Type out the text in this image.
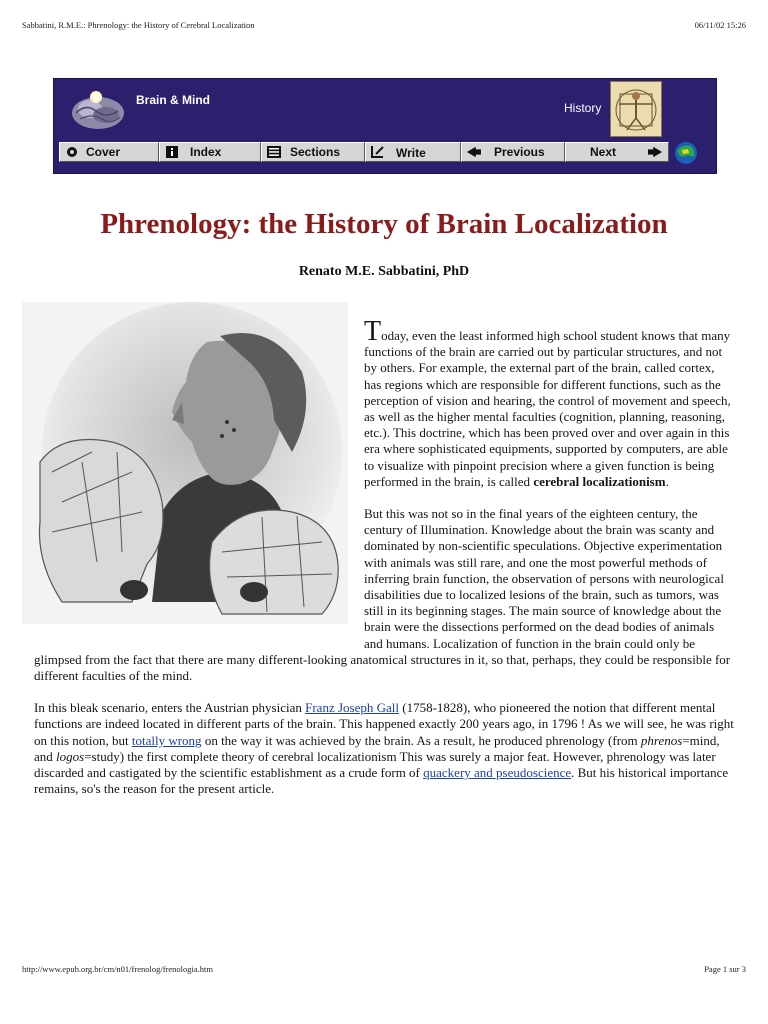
Sabbatini, R.M.E.: Phrenology: the History of Cerebral Localization	06/11/02 15:26
Brain & Mind
History
Cover	Index	Sections	Write	Previous	Next
Phrenology: the History of Brain Localization
Renato M.E. Sabbatini, PhD

Today, even the least informed high school student knows that many functions of the brain are carried out by particular structures, and not by others. For example, the external part of the brain, called cortex, has regions which are responsible for different functions, such as the perception of vision and hearing, the control of movement and speech, as well as the higher mental faculties (cognition, planning, reasoning, etc.). This doctrine, which has been proved over and over again in this era where sophisticated equipments, supported by computers, are able to visualize with pinpoint precision where a given function is being performed in the brain, is called cerebral localizationism.

But this was not so in the final years of the eighteen century, the century of Illumination. Knowledge about the brain was scanty and dominated by non-scientific speculations. Objective experimentation with animals was still rare, and one the most powerful methods of inferring brain function, the observation of persons with neurological disabilities due to localized lesions of the brain, such as tumors, was still in its beginning stages. The main source of knowledge about the brain were the dissections performed on the dead bodies of animals and humans. Localization of function in the brain could only be glimpsed from the fact that there are many different-looking anatomical structures in it, so that, perhaps, they could be responsible for different faculties of the mind.

In this bleak scenario, enters the Austrian physician Franz Joseph Gall (1758-1828), who pioneered the notion that different mental functions are indeed located in different parts of the brain. This happened exactly 200 years ago, in 1796 ! As we will see, he was right on this notion, but totally wrong on the way it was achieved by the brain. As a result, he produced phrenology (from phrenos=mind, and logos=study) the first complete theory of cerebral localizationism This was surely a major feat. However, phrenology was later discarded and castigated by the scientific establishment as a crude form of quackery and pseudoscience. But his historical importance remains, so's the reason for the present article.

http://www.epub.org.br/cm/n01/frenolog/frenologia.htm	Page 1 sur 3
